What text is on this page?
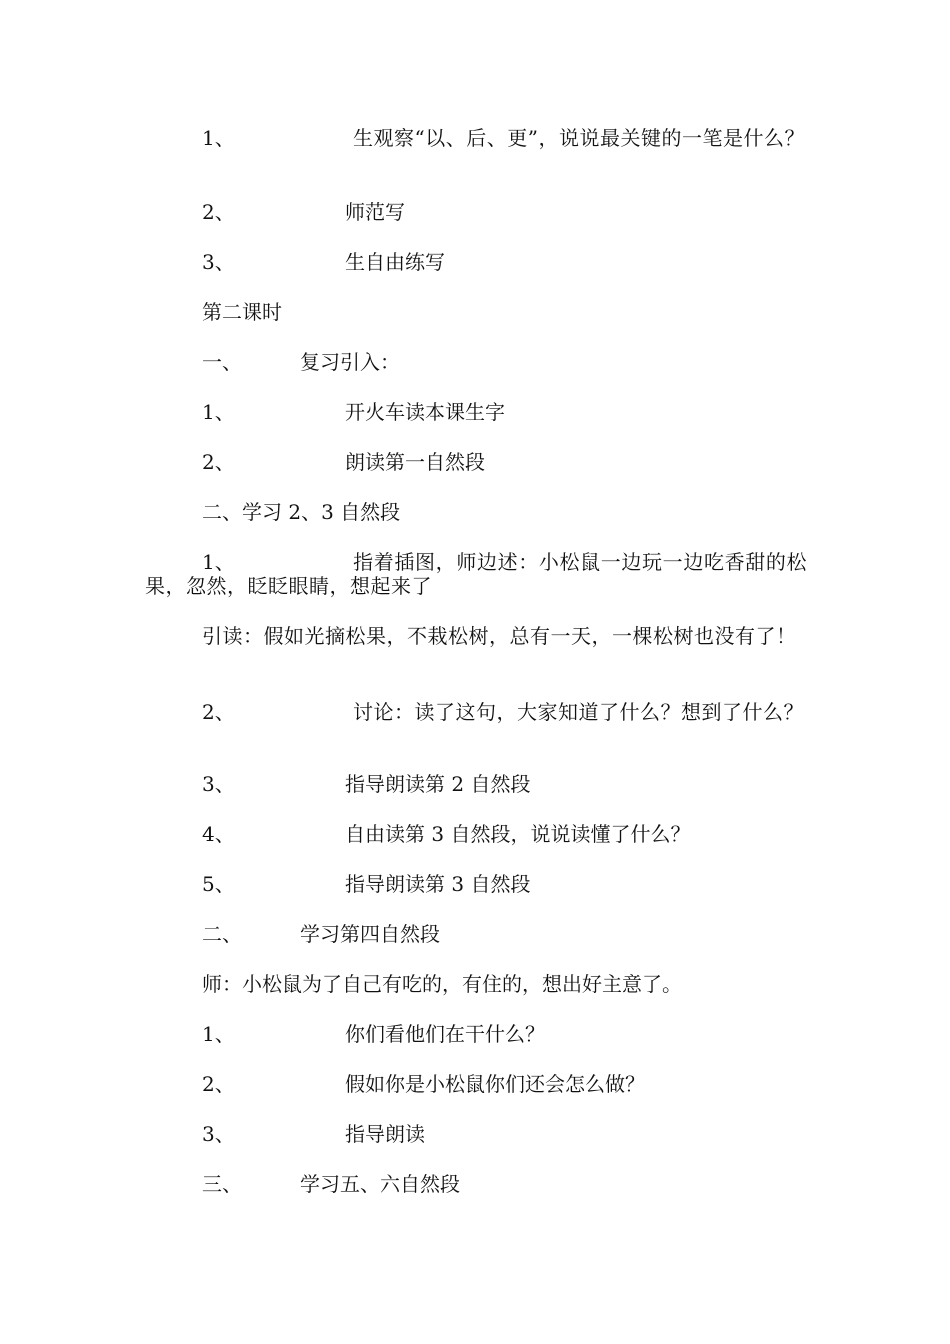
1、	生观察“以、后、更”，说说最关键的一笔是什么？
2、	师范写
3、	生自由练写
第二课时
一、	复习引入：
1、	开火车读本课生字
2、	朗读第一自然段
二、学习 2、3 自然段
1、	指着插图，师边述：小松鼠一边玩一边吃香甜的松果，忽然，眨眨眼睛，想起来了
引读：假如光摘松果，不栽松树，总有一天，一棵松树也没有了！
2、	讨论：读了这句，大家知道了什么？想到了什么？
3、	指导朗读第 2 自然段
4、	自由读第 3 自然段，说说读懂了什么？
5、	指导朗读第 3 自然段
二、	学习第四自然段
师：小松鼠为了自己有吃的，有住的，想出好主意了。
1、	你们看他们在干什么？
2、	假如你是小松鼠你们还会怎么做？
3、	指导朗读
三、	学习五、六自然段
